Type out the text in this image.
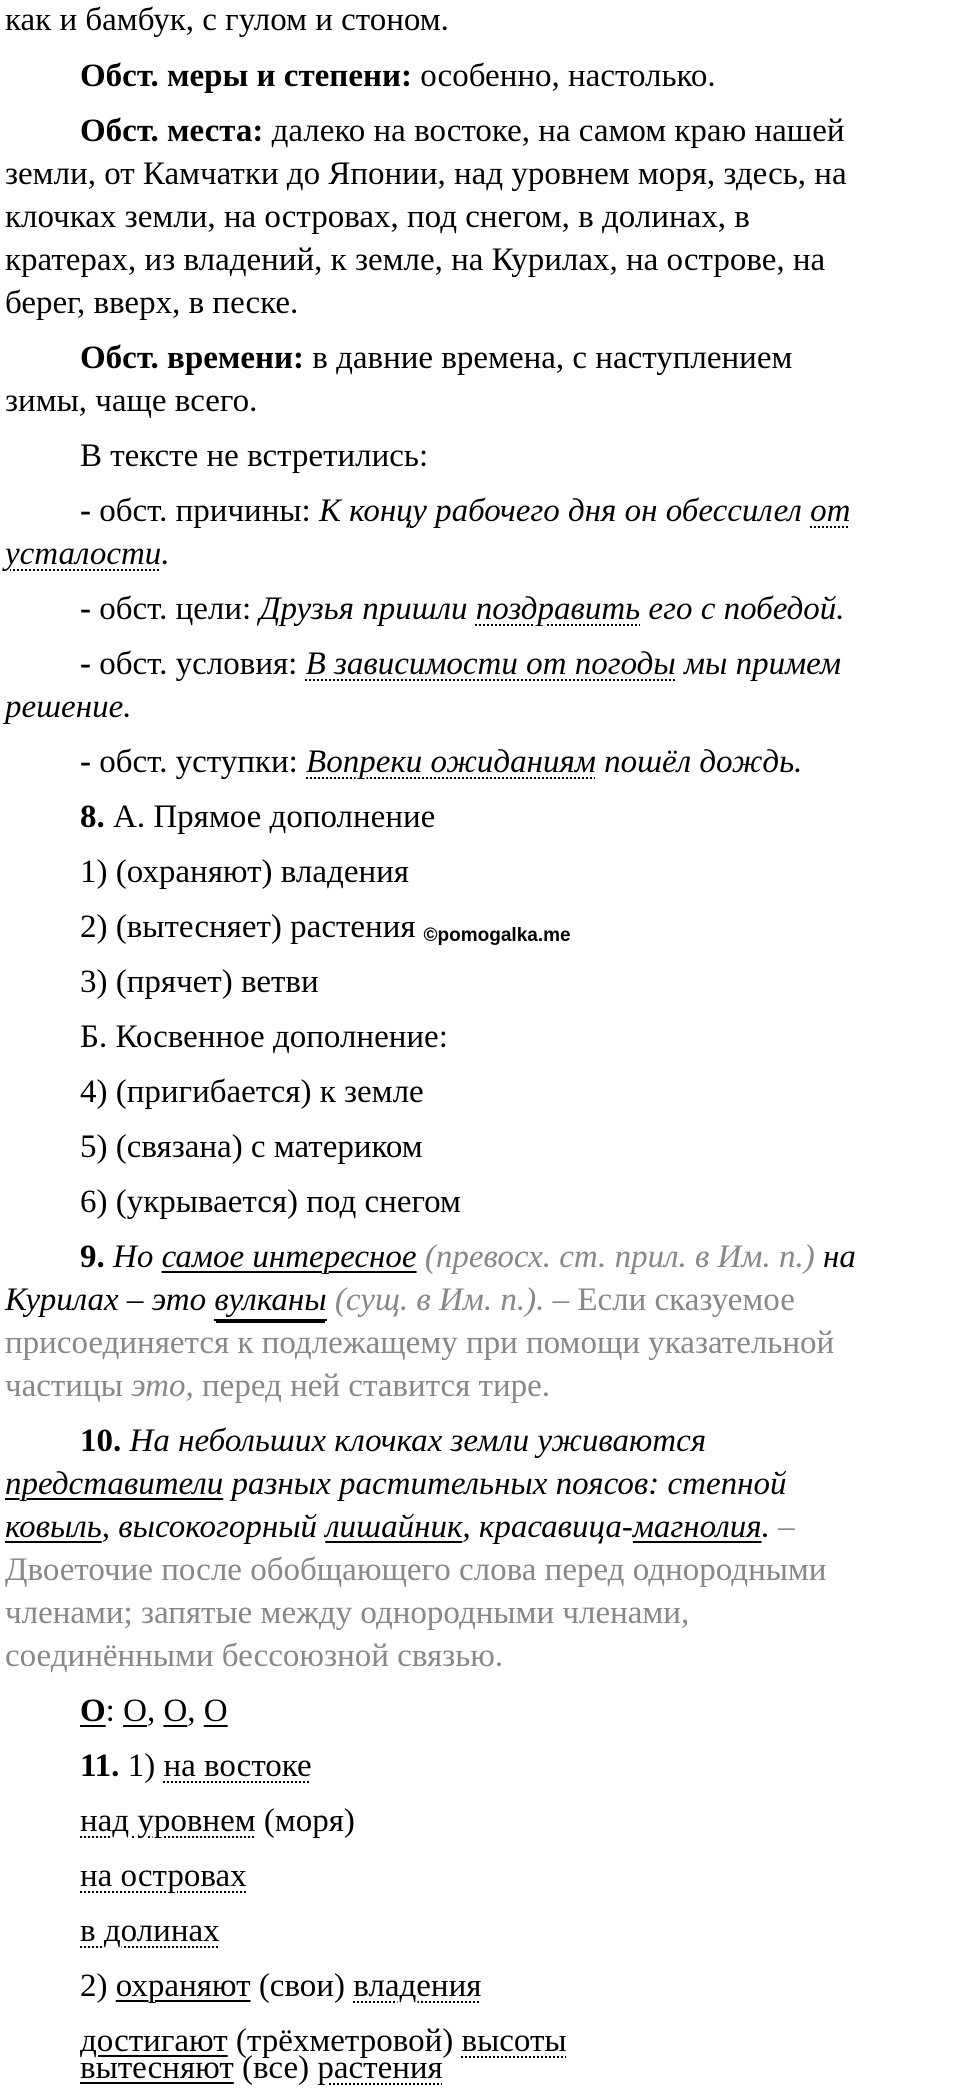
как и бамбук, с гулом и стоном.
Обст. меры и степени: особенно, настолько.
Обст. места: далеко на востоке, на самом краю нашей
земли, от Камчатки до Японии, над уровнем моря, здесь, на
клочках земли, на островах, под снегом, в долинах, в
кратерах, из владений, к земле, на Курилах, на острове, на
берег, вверх, в песке.
Обст. времени: в давние времена, с наступлением
зимы, чаще всего.
В тексте не встретились:
- обст. причины: К концу рабочего дня он обессилел от
усталости.
- обст. цели: Друзья пришли поздравить его с победой.
- обст. условия: В зависимости от погоды мы примем
решение.
- обст. уступки: Вопреки ожиданиям пошёл дождь.
8. А. Прямое дополнение
1) (охраняют) владения
2) (вытесняет) растения ©pomogalka.me
3) (прячет) ветви
Б. Косвенное дополнение:
4) (пригибается) к земле
5) (связана) с материком
6) (укрывается) под снегом
9. Но самое интересное (превосх. ст. прил. в Им. п.) на
Курилах – это вулканы (сущ. в Им. п.). – Если сказуемое
присоединяется к подлежащему при помощи указательной
частицы это, перед ней ставится тире.
10. На небольших клочках земли уживаются
представители разных растительных поясов: степной
ковыль, высокогорный лишайник, красавица-магнолия. –
Двоеточие после обобщающего слова перед однородными
членами; запятые между однородными членами,
соединёнными бессоюзной связью.
О: О, О, О
11. 1) на востоке
над уровнем (моря)
на островах
в долинах
2) охраняют (свои) владения
достигают (трёхметровой) высоты
вытесняют (все) растения
